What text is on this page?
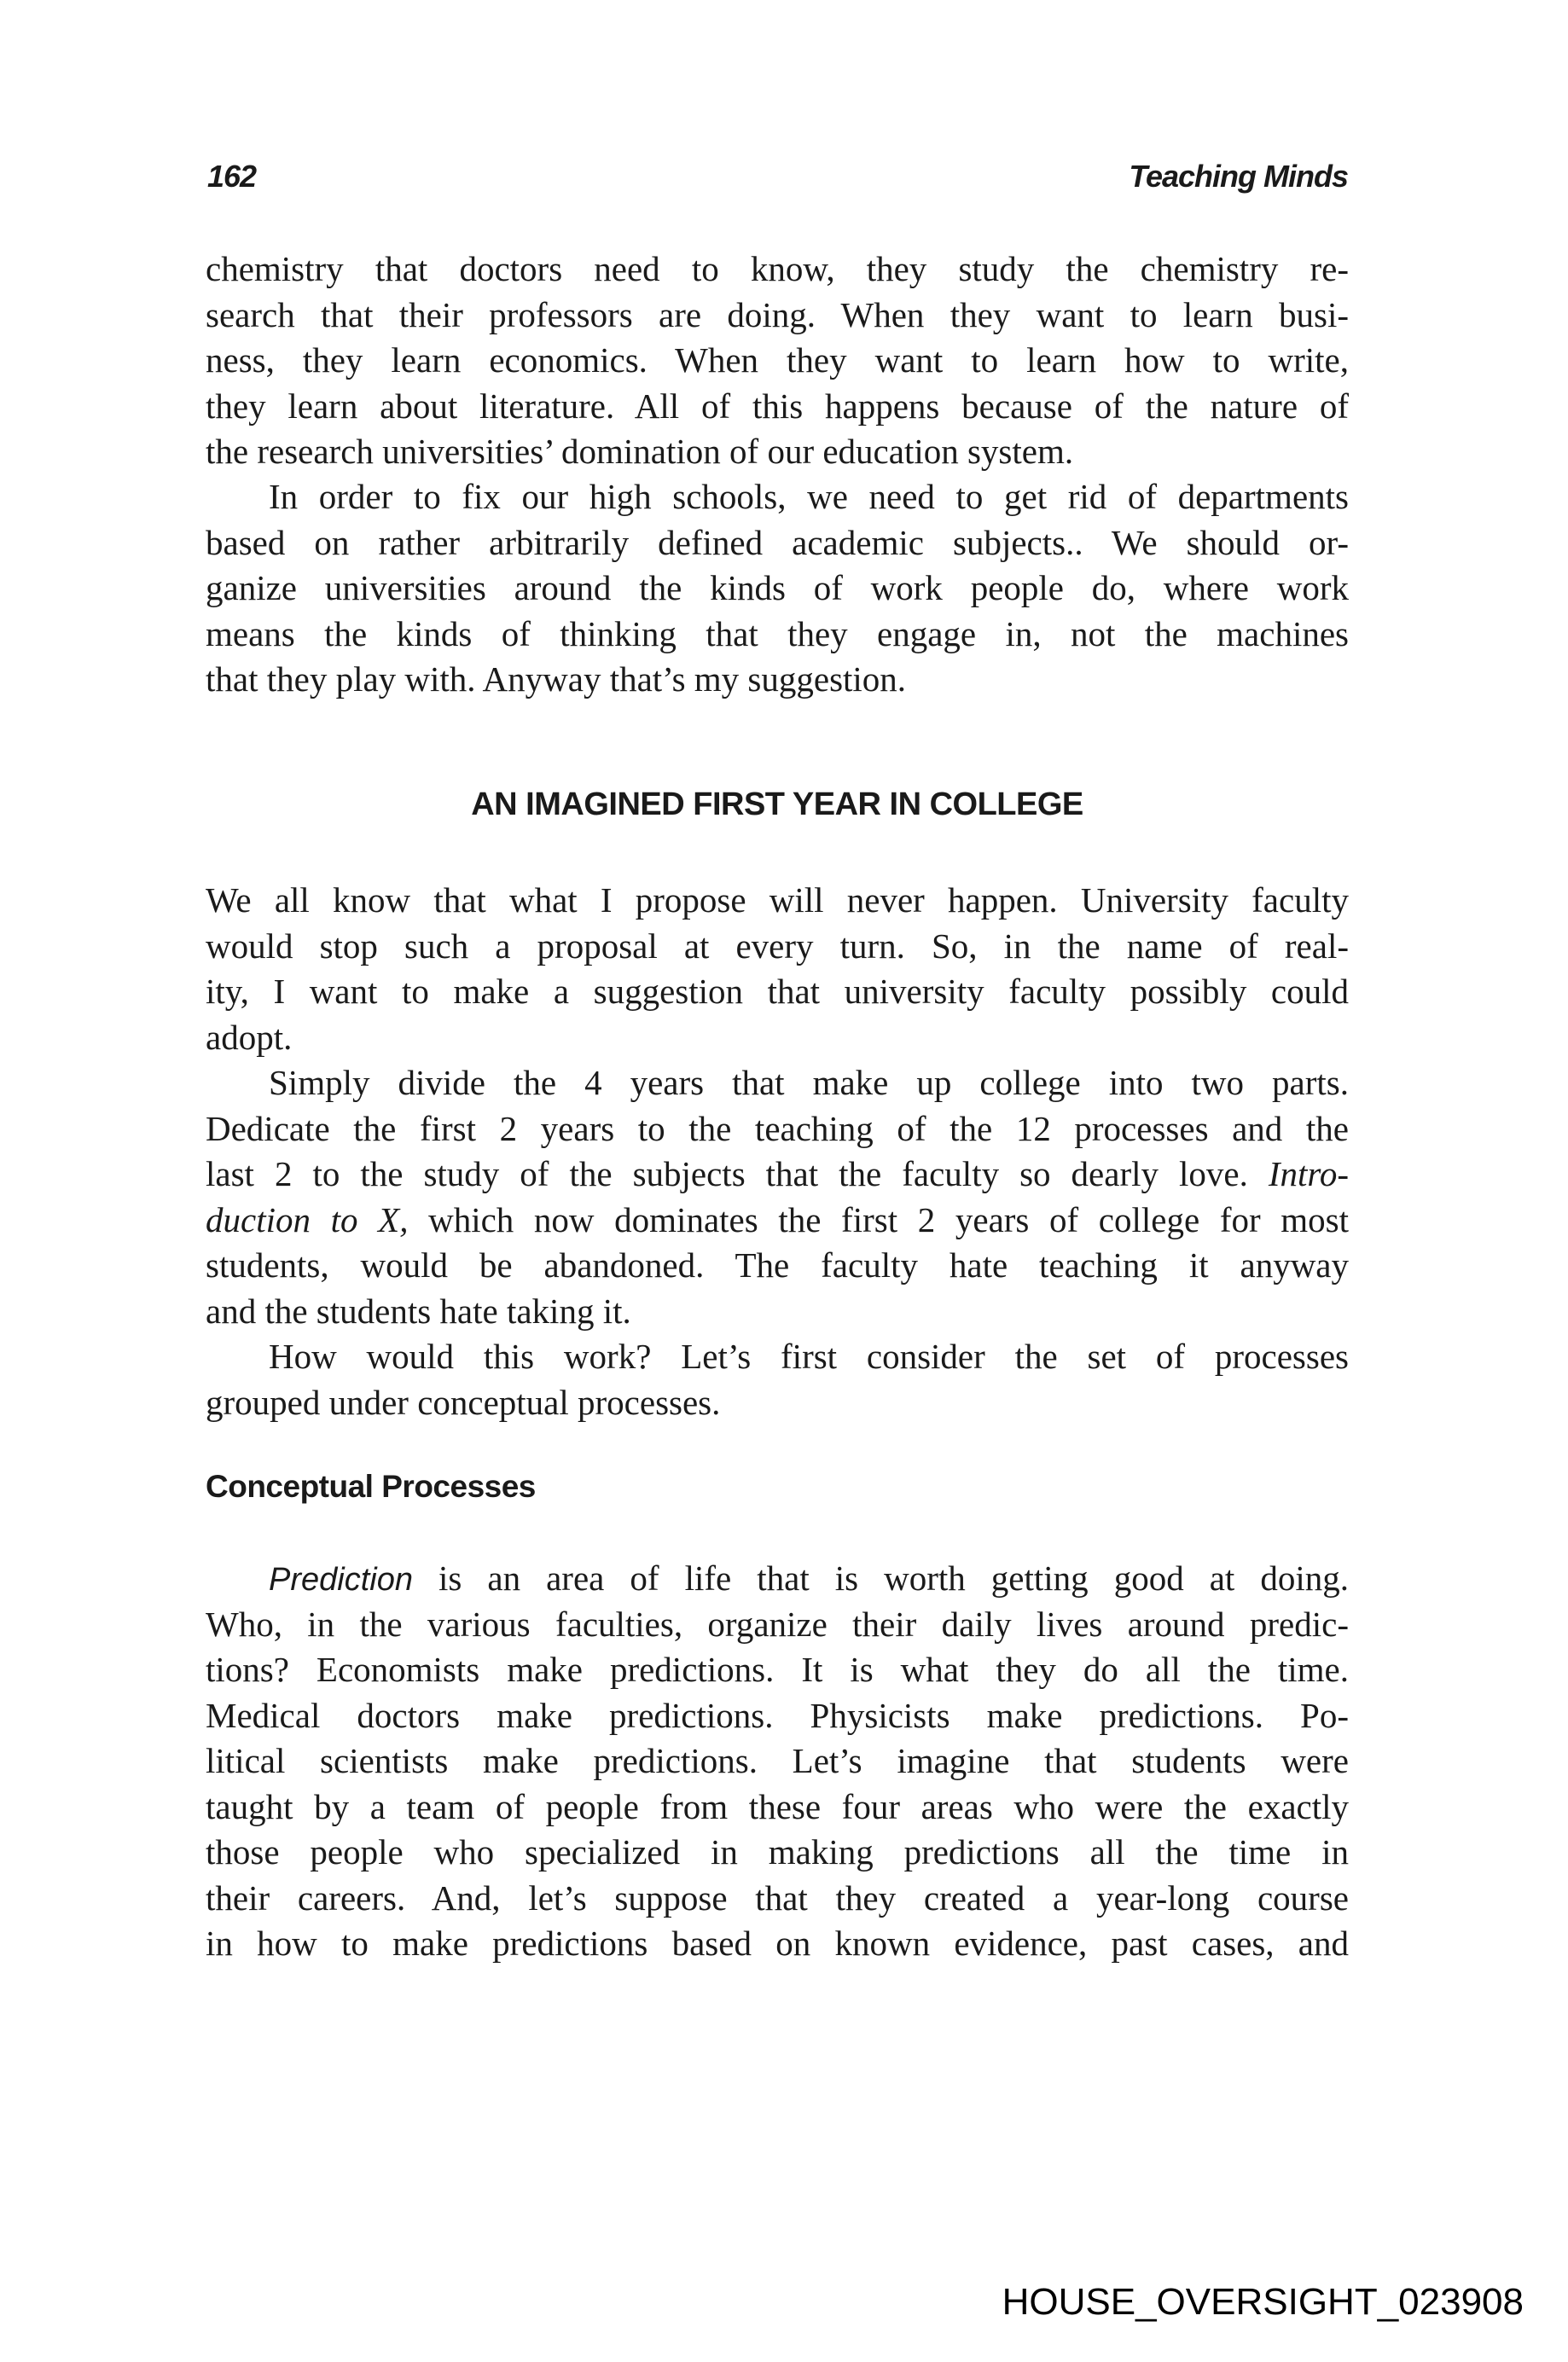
162	Teaching Minds
chemistry that doctors need to know, they study the chemistry re-
search that their professors are doing. When they want to learn busi-
ness, they learn economics. When they want to learn how to write,
they learn about literature. All of this happens because of the nature of
the research universities’ domination of our education system.
In order to fix our high schools, we need to get rid of departments
based on rather arbitrarily defined academic subjects.. We should or-
ganize universities around the kinds of work people do, where work
means the kinds of thinking that they engage in, not the machines
that they play with. Anyway that’s my suggestion.
AN IMAGINED FIRST YEAR IN COLLEGE
We all know that what I propose will never happen. University faculty
would stop such a proposal at every turn. So, in the name of real-
ity, I want to make a suggestion that university faculty possibly could
adopt.
Simply divide the 4 years that make up college into two parts.
Dedicate the first 2 years to the teaching of the 12 processes and the
last 2 to the study of the subjects that the faculty so dearly love. Intro-
duction to X, which now dominates the first 2 years of college for most
students, would be abandoned. The faculty hate teaching it anyway
and the students hate taking it.
How would this work? Let’s first consider the set of processes
grouped under conceptual processes.
Conceptual Processes
Prediction is an area of life that is worth getting good at doing.
Who, in the various faculties, organize their daily lives around predic-
tions? Economists make predictions. It is what they do all the time.
Medical doctors make predictions. Physicists make predictions. Po-
litical scientists make predictions. Let’s imagine that students were
taught by a team of people from these four areas who were the exactly
those people who specialized in making predictions all the time in
their careers. And, let’s suppose that they created a year-long course
in how to make predictions based on known evidence, past cases, and
HOUSE_OVERSIGHT_023908
